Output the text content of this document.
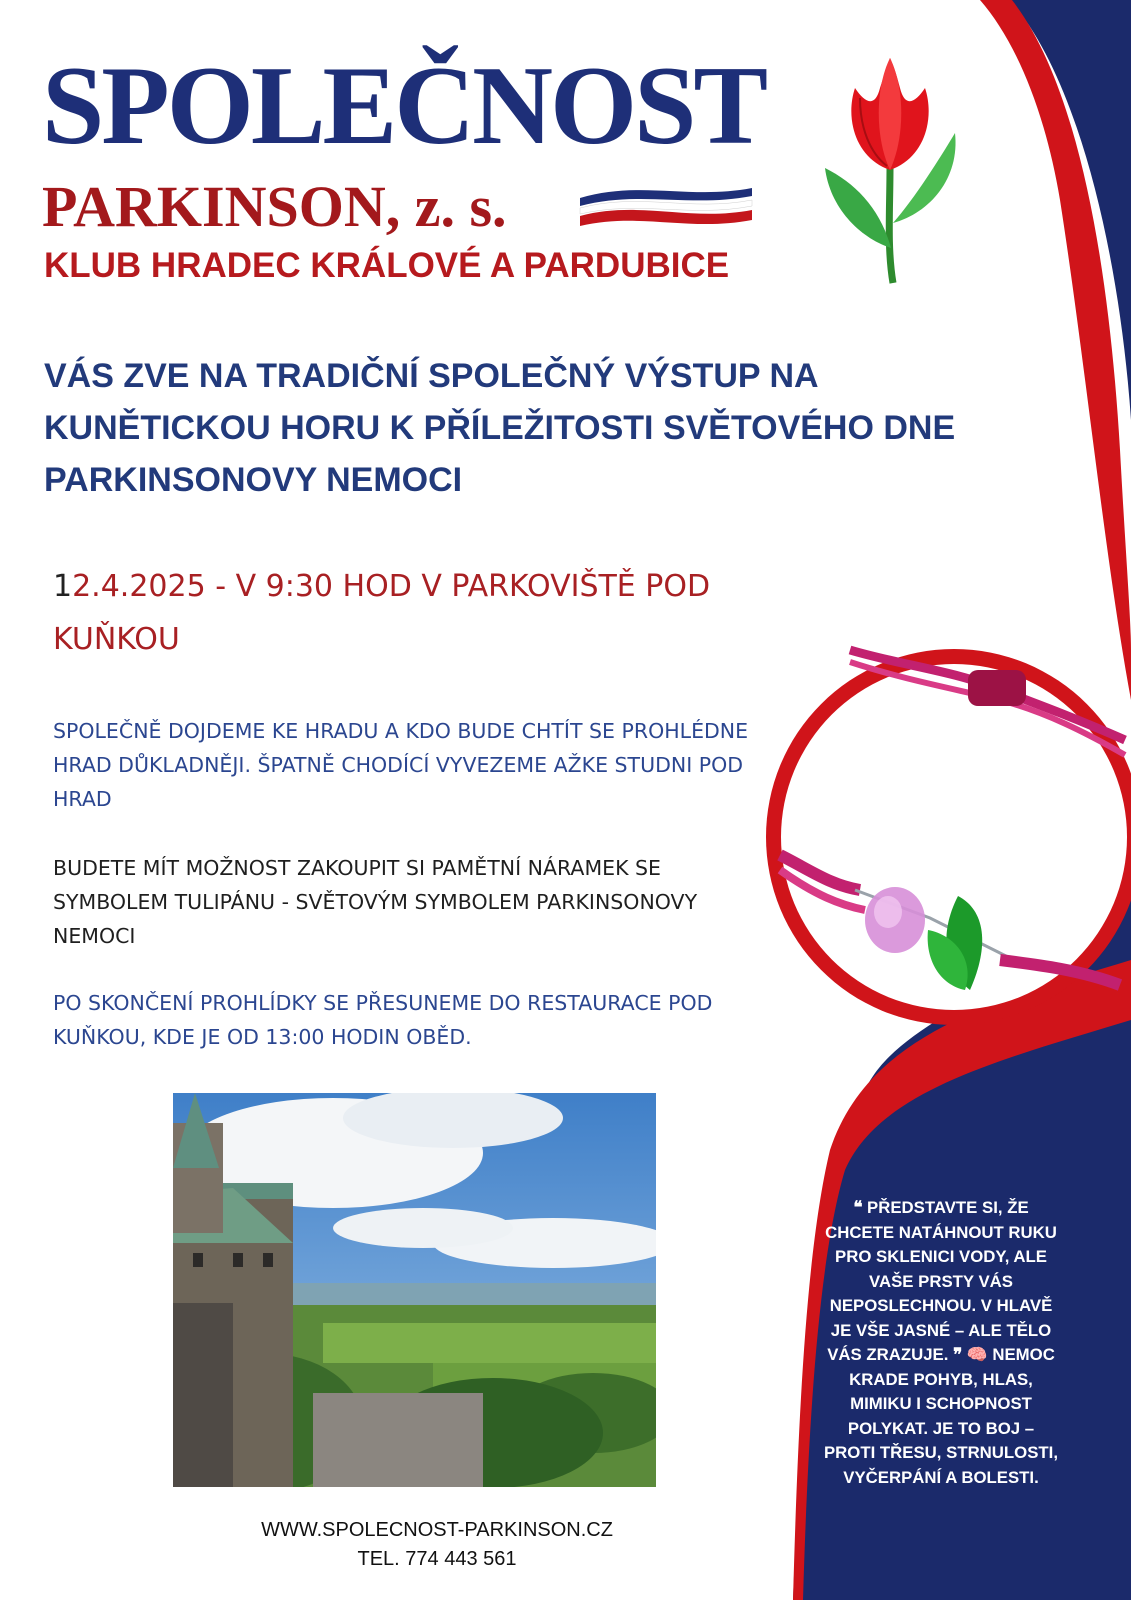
SPOLEČNOST
PARKINSON, z. s.
KLUB HRADEC KRÁLOVÉ A PARDUBICE
VÁS ZVE NA TRADIČNÍ SPOLEČNÝ VÝSTUP NA KUNĚTICKOU HORU K PŘÍLEŽITOSTI SVĚTOVÉHO DNE PARKINSONOVY NEMOCI
12.4.2025 - V 9:30 HOD V PARKOVIŠTĚ POD KUŇKOU
SPOLEČNĚ DOJDEME KE HRADU A KDO BUDE CHTÍT SE PROHLÉDNE HRAD DŮKLADNĚJI. ŠPATNĚ CHODÍCÍ VYVEZEME AŽKE STUDNI POD HRAD
BUDETE MÍT MOŽNOST ZAKOUPIT SI PAMĚTNÍ NÁRAMEK SE SYMBOLEM TULIPÁNU - SVĚTOVÝM SYMBOLEM PARKINSONOVY NEMOCI
PO SKONČENÍ PROHLÍDKY SE PŘESUNEME DO RESTAURACE POD KUŇKOU, KDE JE OD 13:00 HODIN OBĚD.
❝ PŘEDSTAVTE SI, ŽE CHCETE NATÁHNOUT RUKU PRO SKLENICI VODY, ALE VAŠE PRSTY VÁS NEPOSLECHNOU. V HLAVĚ JE VŠE JASNÉ – ALE TĚLO VÁS ZRAZUJE. ❞ 🧠 NEMOC KRADE POHYB, HLAS, MIMIKU I SCHOPNOST POLYKAT. JE TO BOJ – PROTI TŘESU, STRNULOSTI, VYČERPÁNÍ A BOLESTI.
WWW.SPOLECNOST-PARKINSON.CZ
TEL. 774 443 561
